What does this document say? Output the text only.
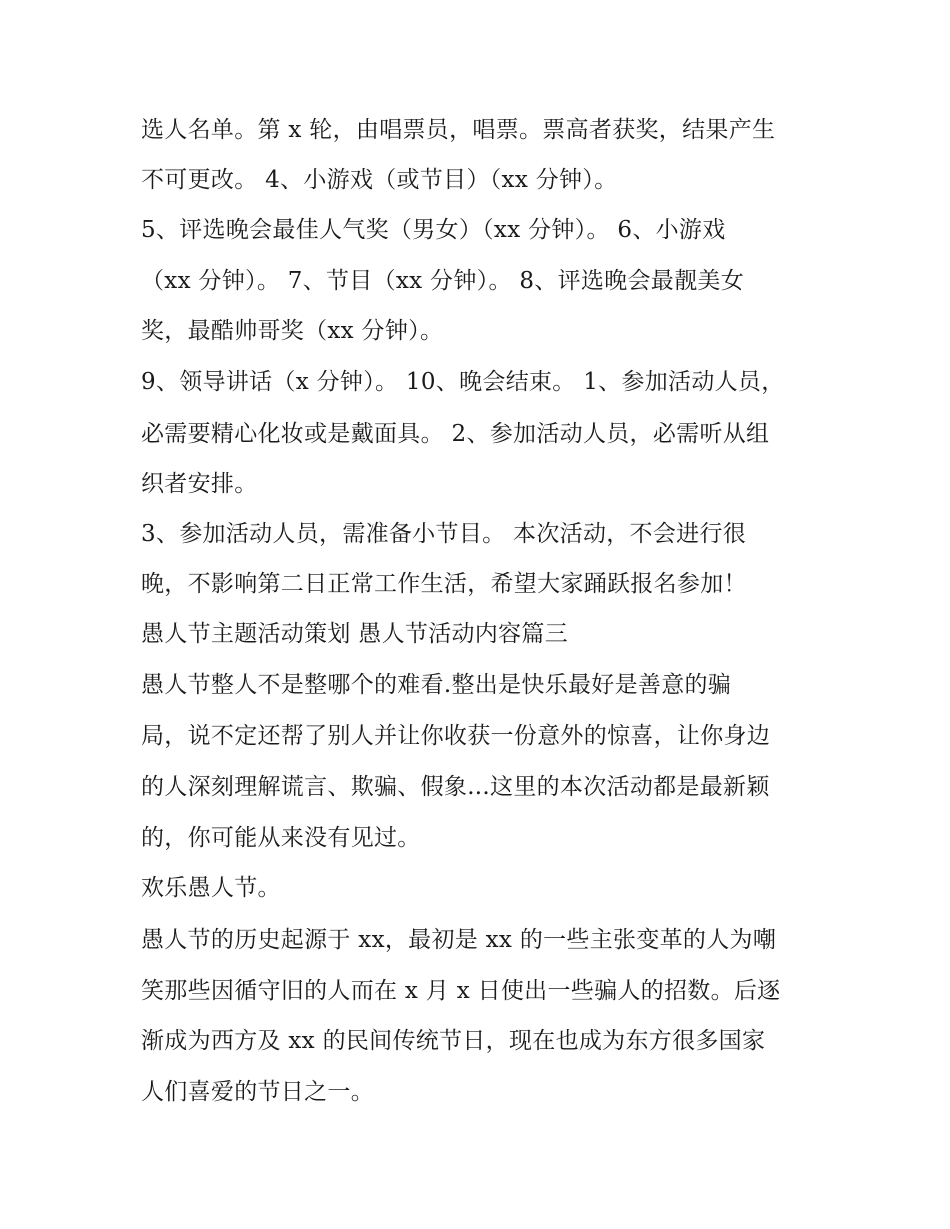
选人名单。第 x 轮，由唱票员，唱票。票高者获奖，结果产生
不可更改。 4、小游戏（或节目）（xx 分钟）。
5、评选晚会最佳人气奖（男女）（xx 分钟）。 6、小游戏
（xx 分钟）。 7、节目（xx 分钟）。 8、评选晚会最靓美女
奖，最酷帅哥奖（xx 分钟）。
9、领导讲话（x 分钟）。 10、晚会结束。 1、参加活动人员，
必需要精心化妆或是戴面具。 2、参加活动人员，必需听从组
织者安排。
3、参加活动人员，需准备小节目。 本次活动，不会进行很
晚，不影响第二日正常工作生活，希望大家踊跃报名参加！
愚人节主题活动策划 愚人节活动内容篇三
愚人节整人不是整哪个的难看.整出是快乐最好是善意的骗
局，说不定还帮了别人并让你收获一份意外的惊喜，让你身边
的人深刻理解谎言、欺骗、假象...这里的本次活动都是最新颖
的，你可能从来没有见过。
欢乐愚人节。
愚人节的历史起源于 xx，最初是 xx 的一些主张变革的人为嘲
笑那些因循守旧的人而在 x 月 x 日使出一些骗人的招数。后逐
渐成为西方及 xx 的民间传统节日，现在也成为东方很多国家
人们喜爱的节日之一。
